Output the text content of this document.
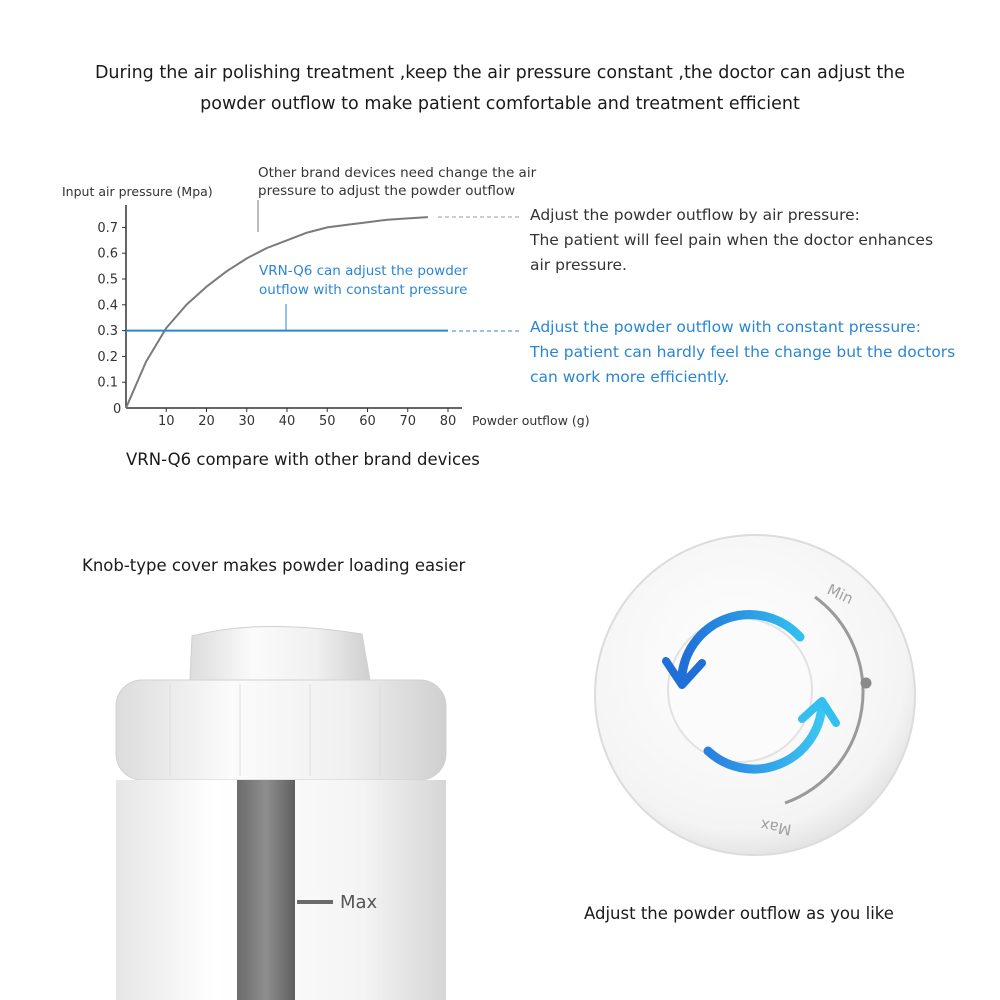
During the air polishing treatment ,keep the air pressure constant ,the doctor can adjust the
powder outflow to make patient comfortable and treatment efficient
0.1
0.2
0.3
0.4
0.5
0.6
0.7
10 20 30 40 50 60 70 80
Input air pressure (Mpa)
Powder outflow (g)
0
Other brand devices need change the air
pressure to adjust the powder outflow
VRN-Q6 can adjust the powder
outflow with constant pressure
Adjust the powder outflow by air pressure:
The patient will feel pain when the doctor enhances
air pressure.
Adjust the powder outflow with constant pressure:
The patient can hardly feel the change but the doctors
can work more efficiently.
VRN-Q6 compare with other brand devices
Knob-type cover makes powder loading easier
Adjust the powder outflow as you like
Max
Min
Max
